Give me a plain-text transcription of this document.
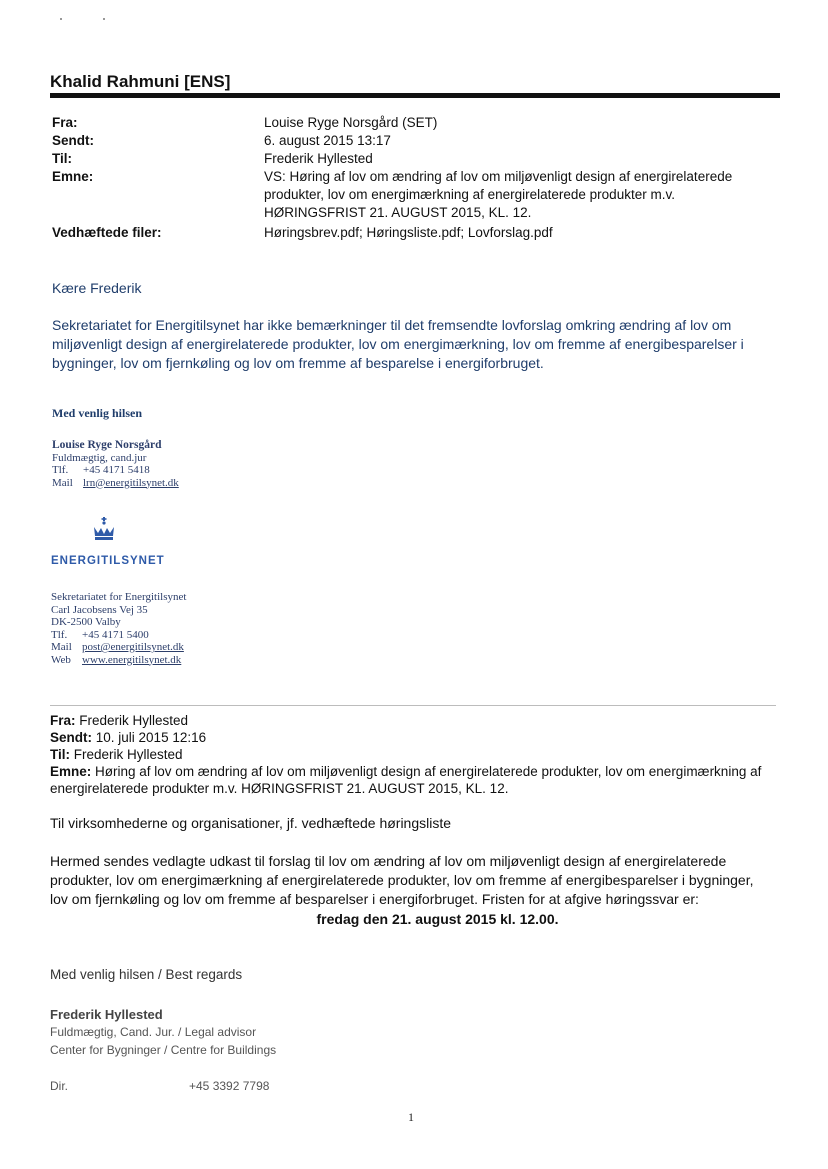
Khalid Rahmuni [ENS]
Fra:	Louise Ryge Norsgård (SET)
Sendt:	6. august 2015 13:17
Til:	Frederik Hyllested
Emne:	VS: Høring af lov om ændring af lov om miljøvenligt design af energirelaterede produkter, lov om energimærkning af energirelaterede produkter m.v. HØRINGSFRIST 21. AUGUST 2015, KL. 12.
Vedhæftede filer:	Høringsbrev.pdf; Høringsliste.pdf; Lovforslag.pdf
Kære Frederik
Sekretariatet for Energitilsynet har ikke bemærkninger til det fremsendte lovforslag omkring ændring af lov om miljøvenligt design af energirelaterede produkter, lov om energimærkning, lov om fremme af energibesparelser i bygninger, lov om fjernkøling og lov om fremme af besparelse i energiforbruget.
Med venlig hilsen
Louise Ryge Norsgård
Fuldmægtig, cand.jur
Tlf.	+45 4171 5418
Mail lrn@energitilsynet.dk
ENERGITILSYNET
Sekretariatet for Energitilsynet
Carl Jacobsens Vej 35
DK-2500 Valby
Tlf.	+45 4171 5400
Mail post@energitilsynet.dk
Web	www.energitilsynet.dk
Fra: Frederik Hyllested
Sendt: 10. juli 2015 12:16
Til: Frederik Hyllested
Emne: Høring af lov om ændring af lov om miljøvenligt design af energirelaterede produkter, lov om energimærkning af energirelaterede produkter m.v. HØRINGSFRIST 21. AUGUST 2015, KL. 12.
Til virksomhederne og organisationer, jf. vedhæftede høringsliste
Hermed sendes vedlagte udkast til forslag til lov om ændring af lov om miljøvenligt design af energirelaterede produkter, lov om energimærkning af energirelaterede produkter, lov om fremme af energibesparelser i bygninger, lov om fjernkøling og lov om fremme af besparelser i energiforbruget. Fristen for at afgive høringssvar er:
fredag den 21. august 2015 kl. 12.00.
Med venlig hilsen / Best regards
Frederik Hyllested
Fuldmægtig, Cand. Jur. / Legal advisor
Center for Bygninger / Centre for Buildings
Dir.	+45 3392 7798
1
